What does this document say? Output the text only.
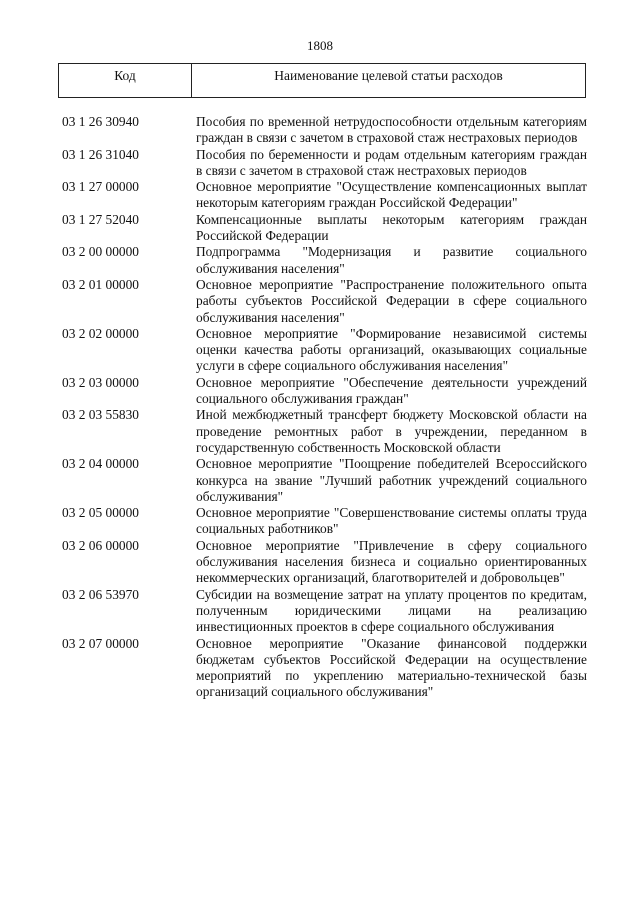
1808
Код	Наименование целевой статьи расходов
03 1 26 30940	Пособия по временной нетрудоспособности отдельным категориям граждан в связи с зачетом в страховой стаж нестраховых периодов
03 1 26 31040	Пособия по беременности и родам отдельным категориям граждан в связи с зачетом в страховой стаж нестраховых периодов
03 1 27 00000	Основное мероприятие "Осуществление компенсационных выплат некоторым категориям граждан Российской Федерации"
03 1 27 52040	Компенсационные выплаты некоторым категориям граждан Российской Федерации
03 2 00 00000	Подпрограмма "Модернизация и развитие социального обслуживания населения"
03 2 01 00000	Основное мероприятие "Распространение положительного опыта работы субъектов Российской Федерации в сфере социального обслуживания населения"
03 2 02 00000	Основное мероприятие "Формирование независимой системы оценки качества работы организаций, оказывающих социальные услуги в сфере социального обслуживания населения"
03 2 03 00000	Основное мероприятие "Обеспечение деятельности учреждений социального обслуживания граждан"
03 2 03 55830	Иной межбюджетный трансферт бюджету Московской области на проведение ремонтных работ в учреждении, переданном в государственную собственность Московской области
03 2 04 00000	Основное мероприятие "Поощрение победителей Всероссийского конкурса на звание "Лучший работник учреждений социального обслуживания"
03 2 05 00000	Основное мероприятие "Совершенствование системы оплаты труда социальных работников"
03 2 06 00000	Основное мероприятие "Привлечение в сферу социального обслуживания населения бизнеса и социально ориентированных некоммерческих организаций, благотворителей и добровольцев"
03 2 06 53970	Субсидии на возмещение затрат на уплату процентов по кредитам, полученным юридическими лицами на реализацию инвестиционных проектов в сфере социального обслуживания
03 2 07 00000	Основное мероприятие "Оказание финансовой поддержки бюджетам субъектов Российской Федерации на осуществление мероприятий по укреплению материально-технической базы организаций социального обслуживания"
